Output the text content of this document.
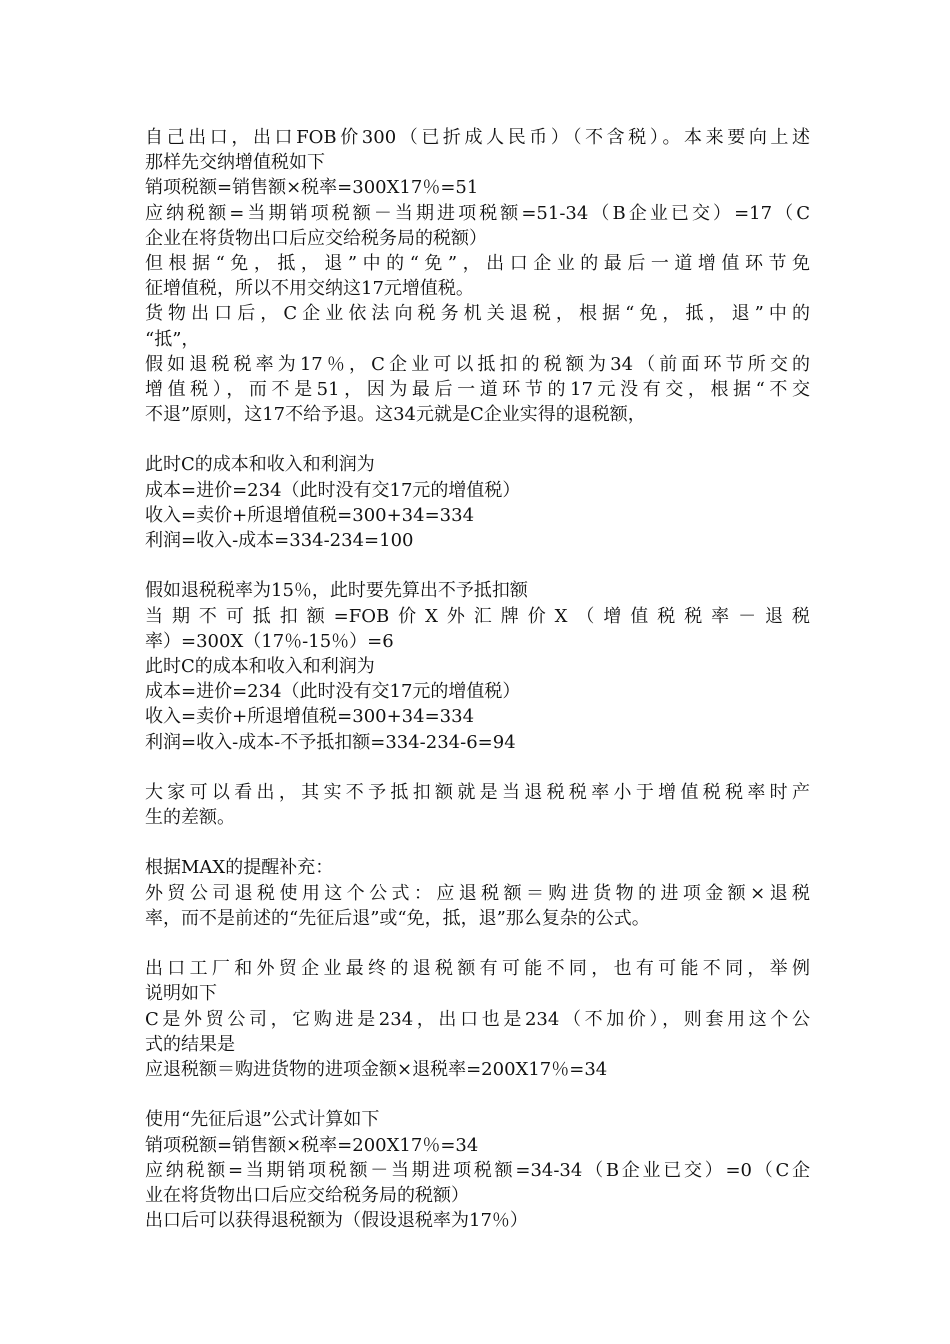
自己出口，出口FOB价300（已折成人民币）（不含税）。本来要向上述
那样先交纳增值税如下
销项税额=销售额×税率=300X17％=51
应纳税额=当期销项税额－当期进项税额=51-34（B企业已交）=17（C
企业在将货物出口后应交给税务局的税额）
但根据“免，抵，退”中的“免”，出口企业的最后一道增值环节免
征增值税，所以不用交纳这17元增值税。
货物出口后，C企业依法向税务机关退税，根据“免，抵，退”中的
“抵”，
假如退税税率为17％，C企业可以抵扣的税额为34（前面环节所交的
增值税），而不是51，因为最后一道环节的17元没有交，根据“不交
不退”原则，这17不给予退。这34元就是C企业实得的退税额，
此时C的成本和收入和利润为
成本=进价=234（此时没有交17元的增值税）
收入=卖价+所退增值税=300+34=334
利润=收入-成本=334-234=100
假如退税税率为15％，此时要先算出不予抵扣额
当期不可抵扣额=FOB价X外汇牌价X（增值税税率－退税
率）=300X（17％-15％）=6
此时C的成本和收入和利润为
成本=进价=234（此时没有交17元的增值税）
收入=卖价+所退增值税=300+34=334
利润=收入-成本-不予抵扣额=334-234-6=94
大家可以看出，其实不予抵扣额就是当退税税率小于增值税税率时产
生的差额。
根据MAX的提醒补充：
外贸公司退税使用这个公式：应退税额＝购进货物的进项金额×退税
率，而不是前述的“先征后退”或“免，抵，退”那么复杂的公式。
出口工厂和外贸企业最终的退税额有可能不同，也有可能不同，举例
说明如下
C是外贸公司，它购进是234，出口也是234（不加价），则套用这个公
式的结果是
应退税额＝购进货物的进项金额×退税率=200X17％=34
使用“先征后退”公式计算如下
销项税额=销售额×税率=200X17％=34
应纳税额=当期销项税额－当期进项税额=34-34（B企业已交）=0（C企
业在将货物出口后应交给税务局的税额）
出口后可以获得退税额为（假设退税率为17％）
